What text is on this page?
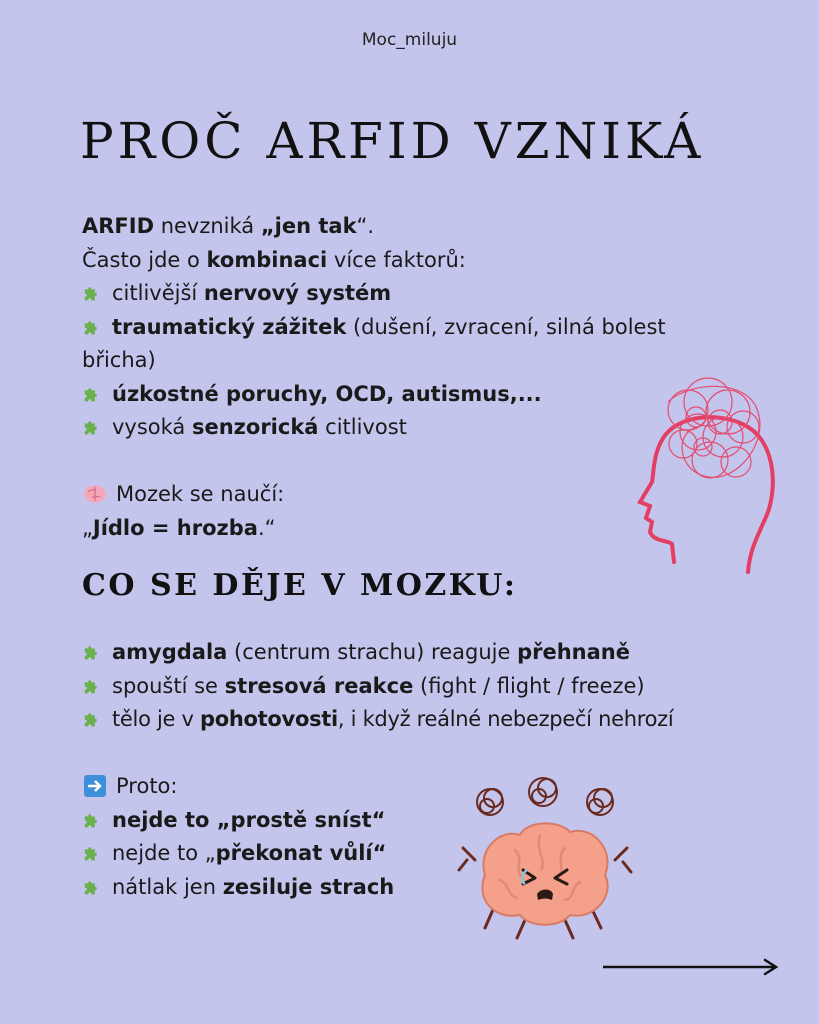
Moc_miluju
PROČ ARFID VZNIKÁ

ARFID nevzniká „jen tak“.

Často jde o kombinaci více faktorů:

citlivější nervový systém

traumatický zážitek (dušení, zvracení, silná bolest břicha)

úzkostné poruchy, OCD, autismus,...

vysoká senzorická citlivost

Mozek se naučí:

„Jídlo = hrozba.“

CO SE DĚJE V MOZKU:

amygdala (centrum strachu) reaguje přehnaně

spouští se stresová reakce (fight / flight / freeze)

tělo je v pohotovosti, i když reálné nebezpečí nehrozí

Proto:

nejde to „prostě sníst“

nejde to „překonat vůlí“

nátlak jen zesiluje strach
